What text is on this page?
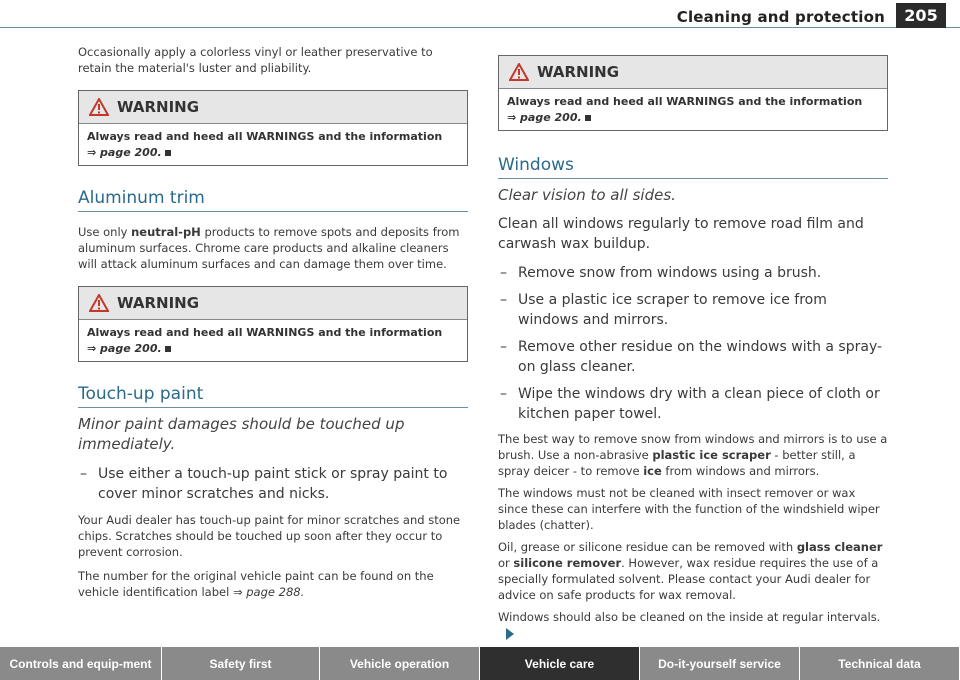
Cleaning and protection	205

Occasionally apply a colorless vinyl or leather preservative to retain the material's luster and pliability.

WARNING
Always read and heed all WARNINGS and the information
⇒ page 200.
Aluminum trim

Use only neutral-pH products to remove spots and deposits from aluminum surfaces. Chrome care products and alkaline cleaners will attack aluminum surfaces and can damage them over time.

WARNING
Always read and heed all WARNINGS and the information
⇒ page 200.
Touch-up paint

Minor paint damages should be touched up immediately.

– Use either a touch-up paint stick or spray paint to cover minor scratches and nicks.

Your Audi dealer has touch-up paint for minor scratches and stone chips. Scratches should be touched up soon after they occur to prevent corrosion.

The number for the original vehicle paint can be found on the vehicle identification label ⇒ page 288.

WARNING
Always read and heed all WARNINGS and the information
⇒ page 200.
Windows

Clear vision to all sides.

Clean all windows regularly to remove road film and carwash wax buildup.

– Remove snow from windows using a brush.
– Use a plastic ice scraper to remove ice from windows and mirrors.
– Remove other residue on the windows with a spray-on glass cleaner.
– Wipe the windows dry with a clean piece of cloth or kitchen paper towel.

The best way to remove snow from windows and mirrors is to use a brush. Use a non-abrasive plastic ice scraper - better still, a spray deicer - to remove ice from windows and mirrors.

The windows must not be cleaned with insect remover or wax since these can interfere with the function of the windshield wiper blades (chatter).

Oil, grease or silicone residue can be removed with glass cleaner or silicone remover. However, wax residue requires the use of a specially formulated solvent. Please contact your Audi dealer for advice on safe products for wax removal.

Windows should also be cleaned on the inside at regular intervals.

Controls and equip-ment	Safety first	Vehicle operation	Vehicle care	Do-it-yourself service	Technical data
